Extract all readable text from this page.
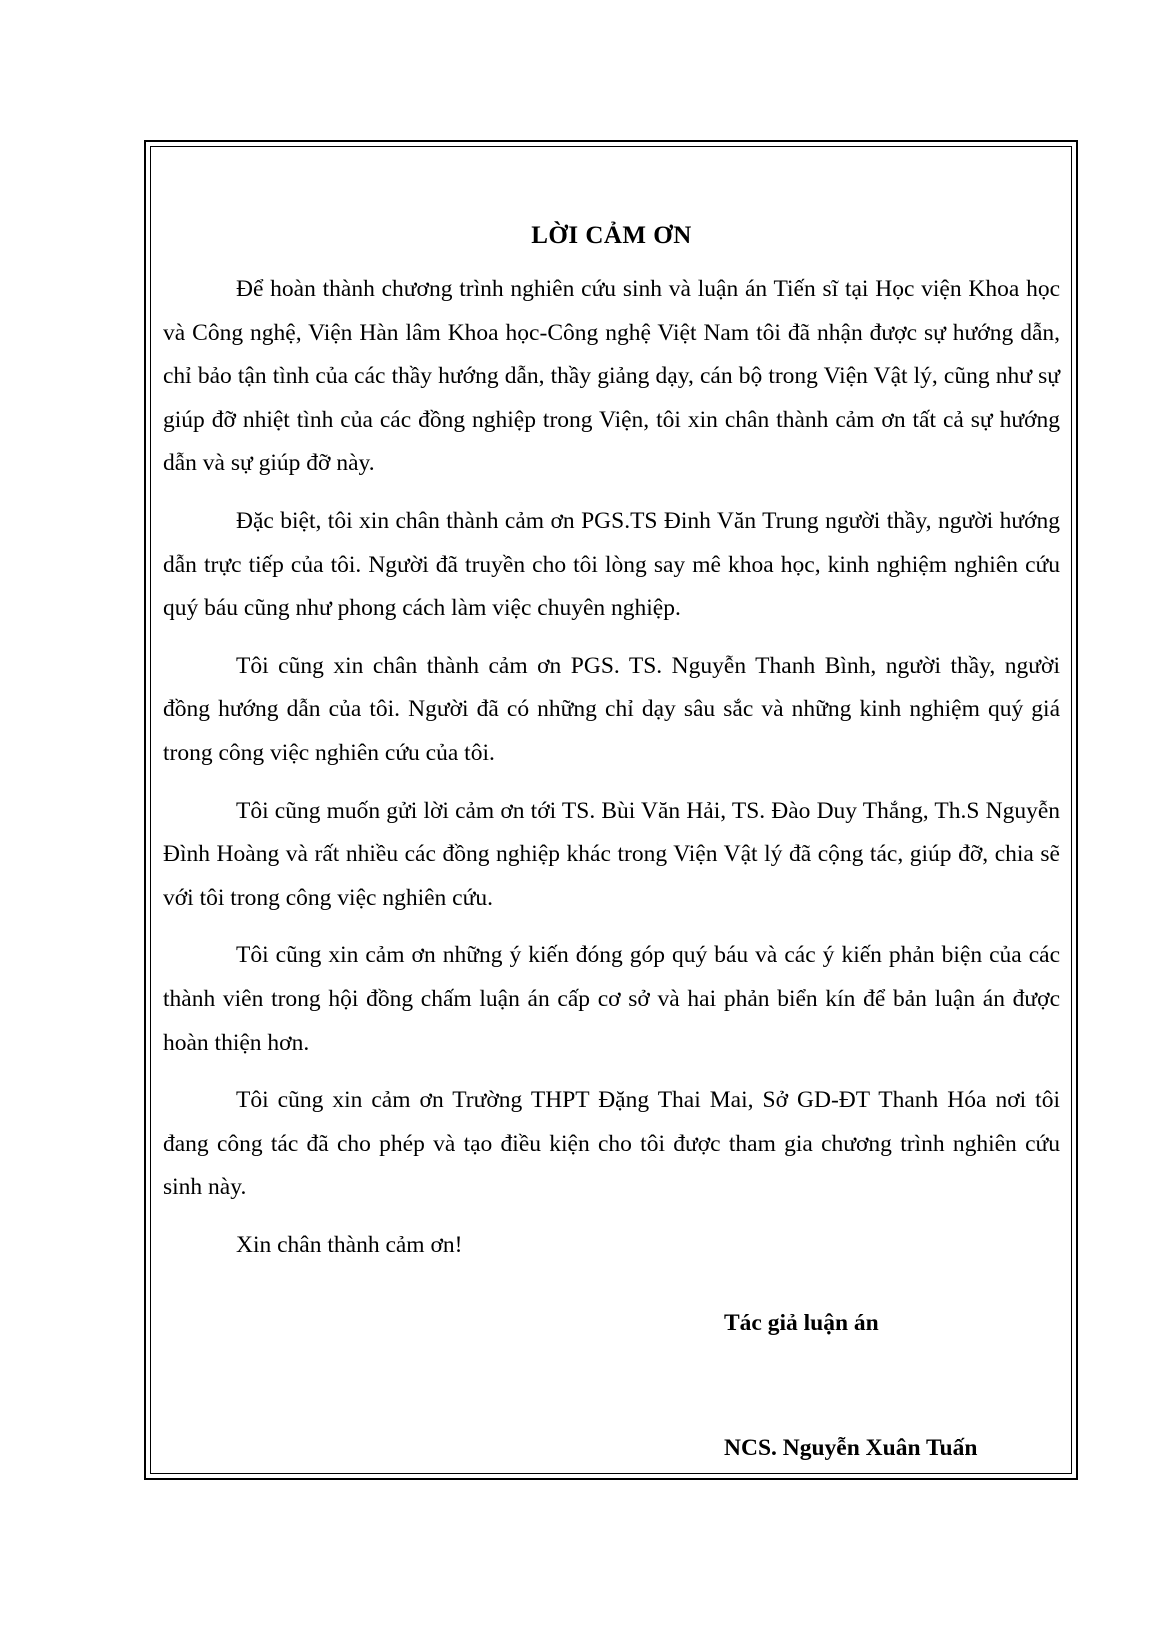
LỜI CẢM ƠN

Để hoàn thành chương trình nghiên cứu sinh và luận án Tiến sĩ tại Học viện Khoa học và Công nghệ, Viện Hàn lâm Khoa học-Công nghệ Việt Nam tôi đã nhận được sự hướng dẫn, chỉ bảo tận tình của các thầy hướng dẫn, thầy giảng dạy, cán bộ trong Viện Vật lý, cũng như sự giúp đỡ nhiệt tình của các đồng nghiệp trong Viện, tôi xin chân thành cảm ơn tất cả sự hướng dẫn và sự giúp đỡ này.

Đặc biệt, tôi xin chân thành cảm ơn PGS.TS Đinh Văn Trung người thầy, người hướng dẫn trực tiếp của tôi. Người đã truyền cho tôi lòng say mê khoa học, kinh nghiệm nghiên cứu quý báu cũng như phong cách làm việc chuyên nghiệp.

Tôi cũng xin chân thành cảm ơn PGS. TS. Nguyễn Thanh Bình, người thầy, người đồng hướng dẫn của tôi. Người đã có những chỉ dạy sâu sắc và những kinh nghiệm quý giá trong công việc nghiên cứu của tôi.

Tôi cũng muốn gửi lời cảm ơn tới TS. Bùi Văn Hải, TS. Đào Duy Thắng, Th.S Nguyễn Đình Hoàng và rất nhiều các đồng nghiệp khác trong Viện Vật lý đã cộng tác, giúp đỡ, chia sẽ với tôi trong công việc nghiên cứu.

Tôi cũng xin cảm ơn những ý kiến đóng góp quý báu và các ý kiến phản biện của các thành viên trong hội đồng chấm luận án cấp cơ sở và hai phản biển kín để bản luận án được hoàn thiện hơn.

Tôi cũng xin cảm ơn Trường THPT Đặng Thai Mai, Sở GD-ĐT Thanh Hóa nơi tôi đang công tác đã cho phép và tạo điều kiện cho tôi được tham gia chương trình nghiên cứu sinh này.

Xin chân thành cảm ơn!

Tác giả luận án

NCS. Nguyễn Xuân Tuấn
